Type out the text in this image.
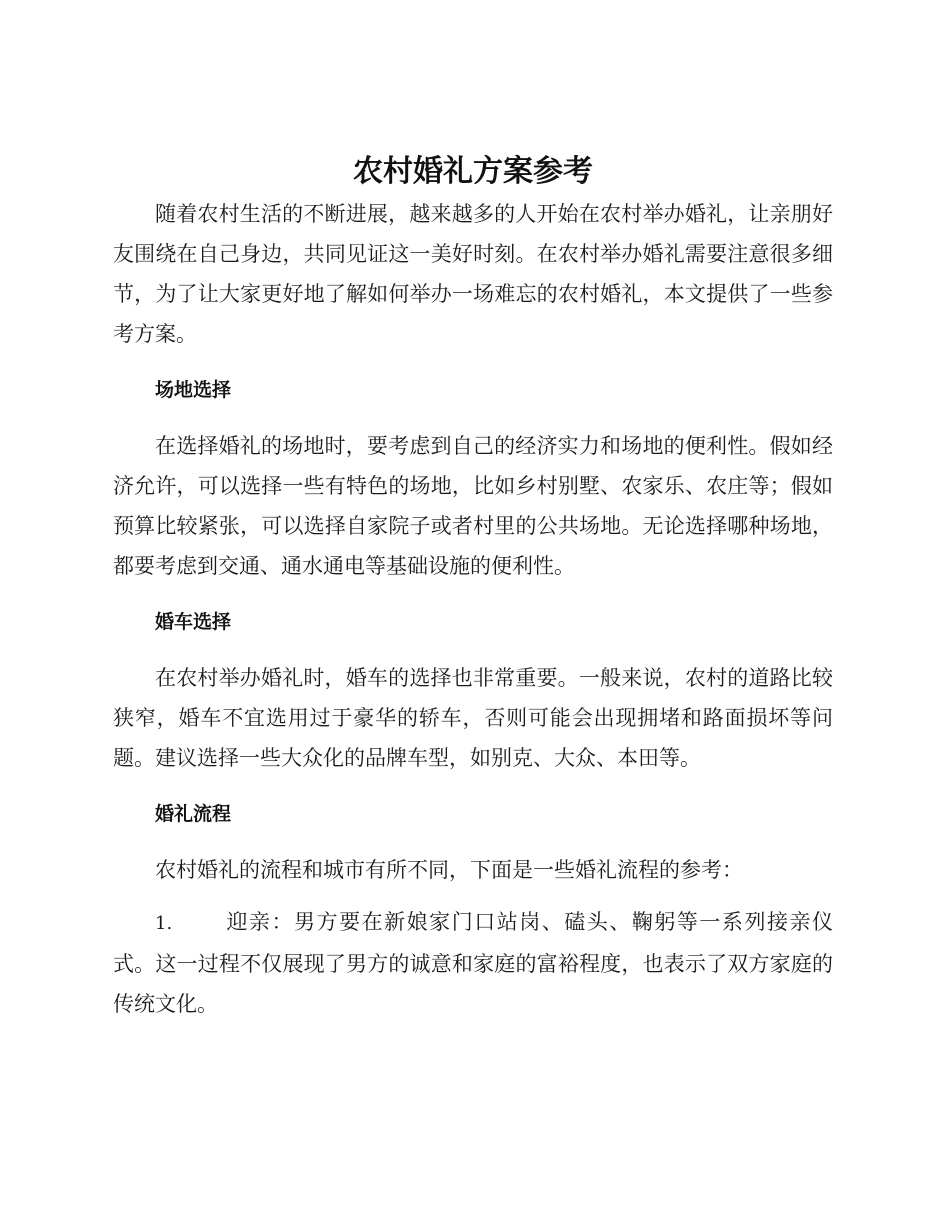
农村婚礼方案参考

随着农村生活的不断进展，越来越多的人开始在农村举办婚礼，让亲朋好友围绕在自己身边，共同见证这一美好时刻。在农村举办婚礼需要注意很多细节，为了让大家更好地了解如何举办一场难忘的农村婚礼，本文提供了一些参考方案。

场地选择

在选择婚礼的场地时，要考虑到自己的经济实力和场地的便利性。假如经济允许，可以选择一些有特色的场地，比如乡村别墅、农家乐、农庄等；假如预算比较紧张，可以选择自家院子或者村里的公共场地。无论选择哪种场地，都要考虑到交通、通水通电等基础设施的便利性。

婚车选择

在农村举办婚礼时，婚车的选择也非常重要。一般来说，农村的道路比较狭窄，婚车不宜选用过于豪华的轿车，否则可能会出现拥堵和路面损坏等问题。建议选择一些大众化的品牌车型，如别克、大众、本田等。

婚礼流程

农村婚礼的流程和城市有所不同，下面是一些婚礼流程的参考：

1.	迎亲：男方要在新娘家门口站岗、磕头、鞠躬等一系列接亲仪式。这一过程不仅展现了男方的诚意和家庭的富裕程度，也表示了双方家庭的传统文化。
